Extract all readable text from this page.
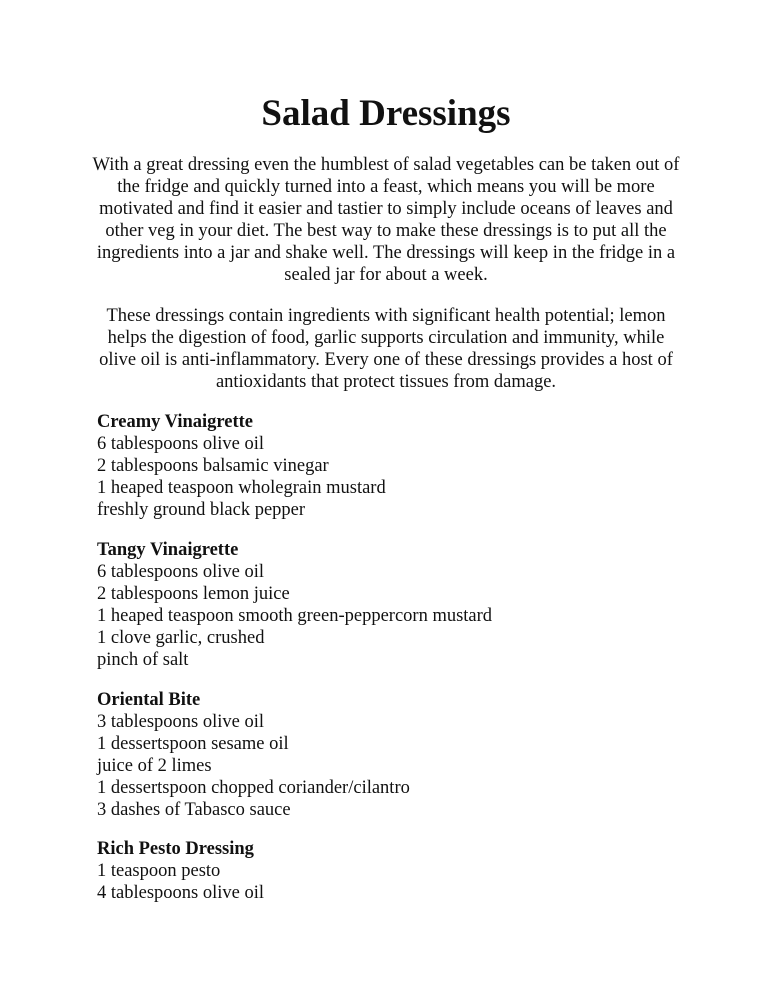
Salad Dressings

With a great dressing even the humblest of salad vegetables can be taken out of the fridge and quickly turned into a feast, which means you will be more motivated and find it easier and tastier to simply include oceans of leaves and other veg in your diet. The best way to make these dressings is to put all the ingredients into a jar and shake well. The dressings will keep in the fridge in a sealed jar for about a week.

These dressings contain ingredients with significant health potential; lemon helps the digestion of food, garlic supports circulation and immunity, while olive oil is anti-inflammatory. Every one of these dressings provides a host of antioxidants that protect tissues from damage.

Creamy Vinaigrette

6 tablespoons olive oil
2 tablespoons balsamic vinegar
1 heaped teaspoon wholegrain mustard
freshly ground black pepper

Tangy Vinaigrette

6 tablespoons olive oil
2 tablespoons lemon juice
1 heaped teaspoon smooth green-peppercorn mustard
1 clove garlic, crushed
pinch of salt

Oriental Bite

3 tablespoons olive oil
1 dessertspoon sesame oil
juice of 2 limes
1 dessertspoon chopped coriander/cilantro
3 dashes of Tabasco sauce

Rich Pesto Dressing

1 teaspoon pesto
4 tablespoons olive oil
